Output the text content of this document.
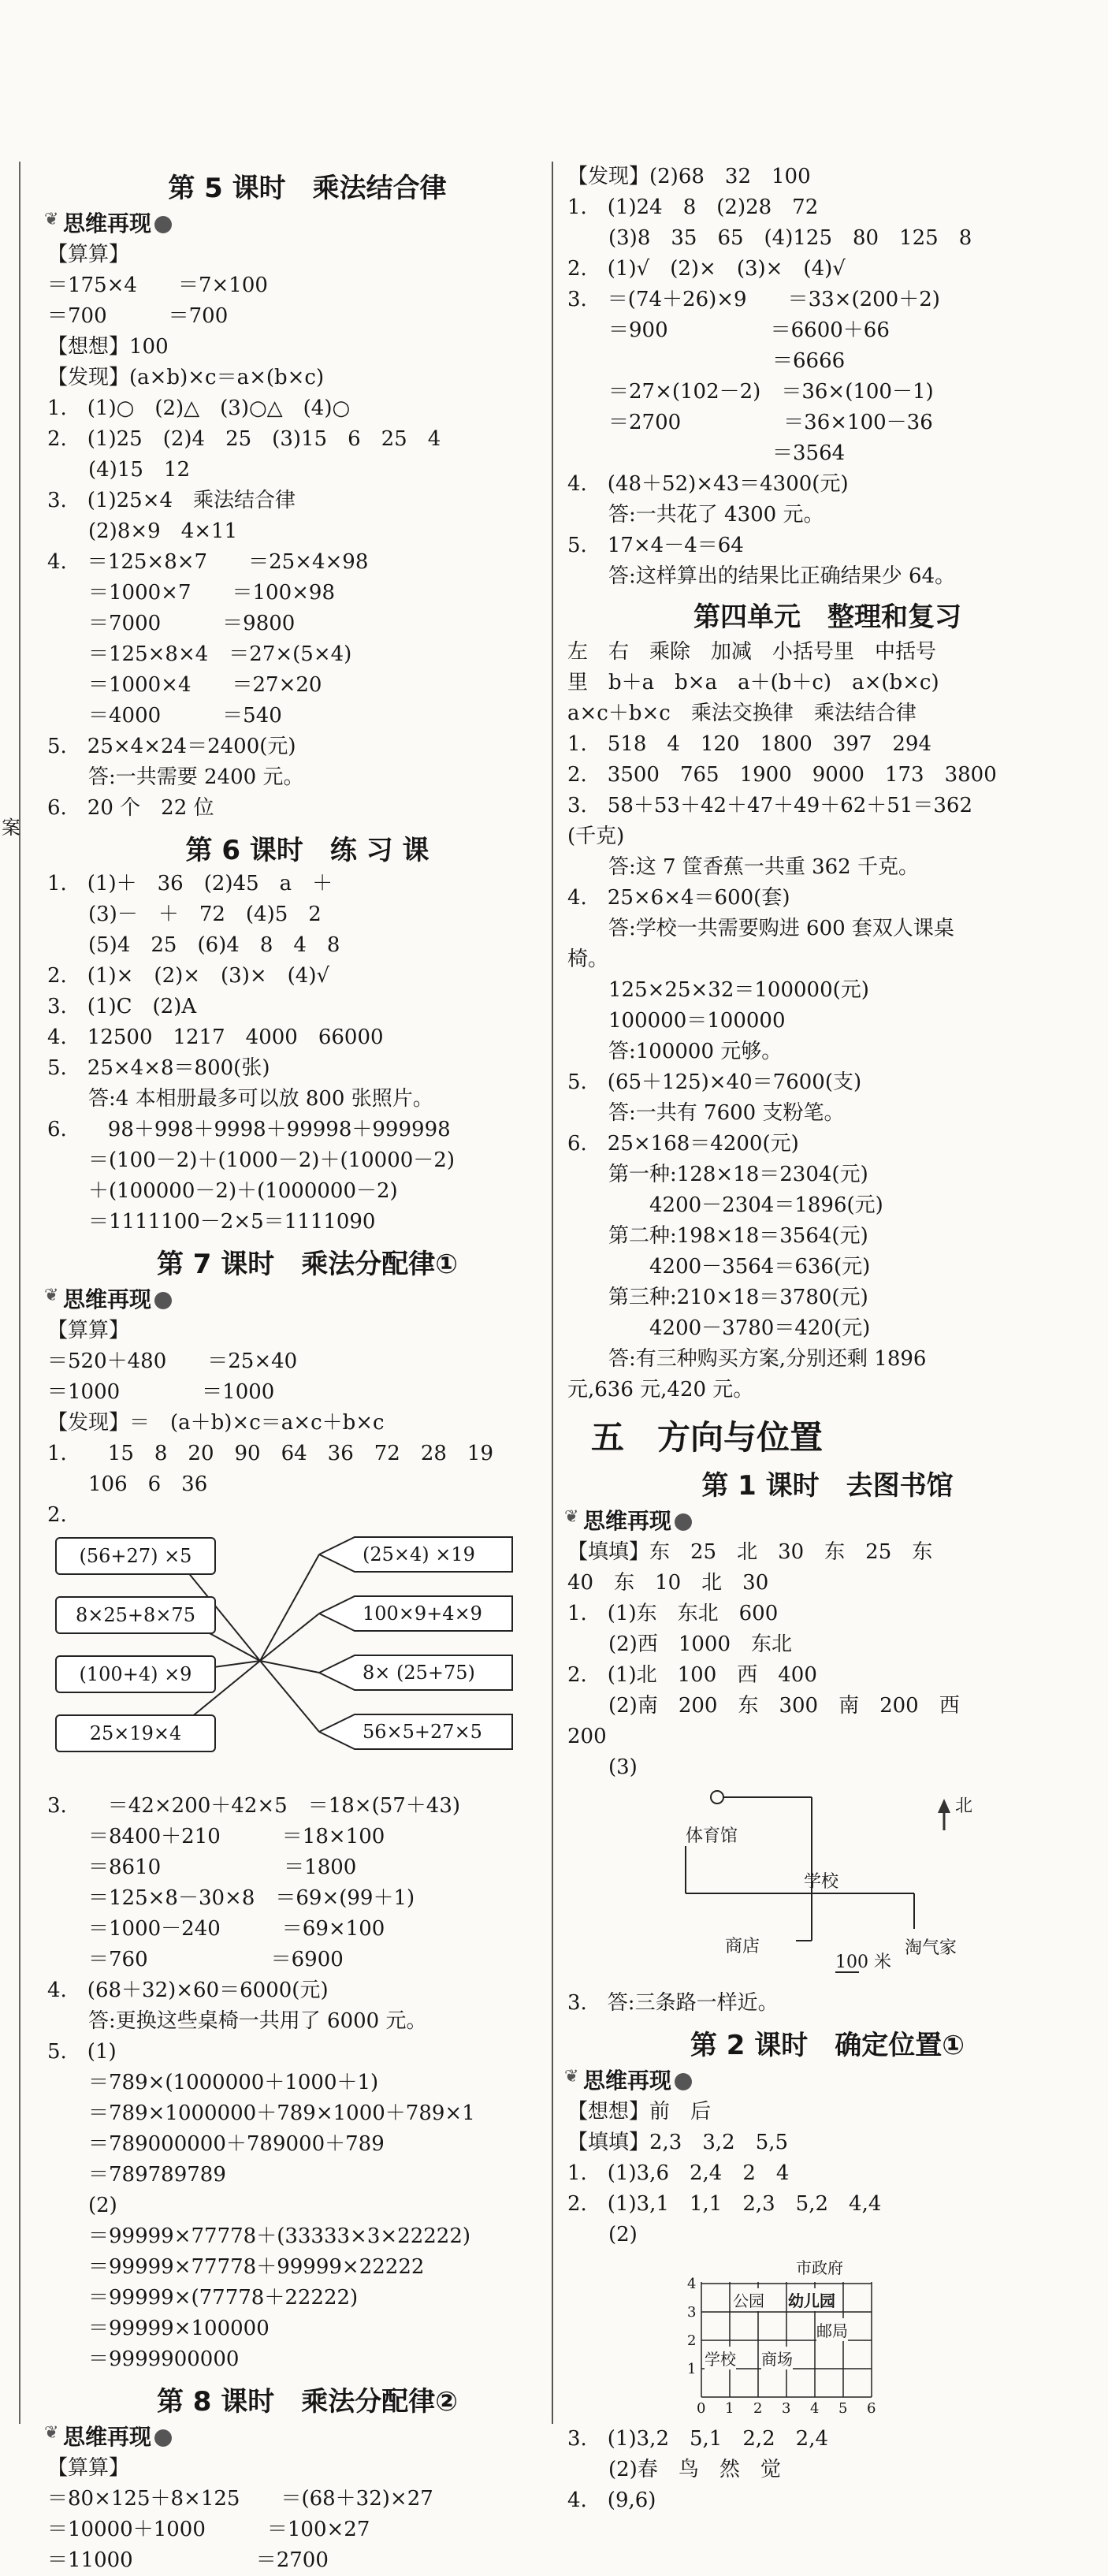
第 5 课时　乘法结合律
❦ 思维再现
【算算】
＝175×4　　＝7×100
＝700　　　＝700
【想想】100
【发现】(a×b)×c＝a×(b×c)
1.　(1)○　(2)△　(3)○△　(4)○
2.　(1)25　(2)4　25　(3)15　6　25　4
　　(4)15　12
3.　(1)25×4　乘法结合律
　　(2)8×9　4×11
4.　＝125×8×7　　＝25×4×98
　　＝1000×7　　＝100×98
　　＝7000　　　＝9800
　　＝125×8×4　＝27×(5×4)
　　＝1000×4　　＝27×20
　　＝4000　　　＝540
5.　25×4×24＝2400(元)
　　答:一共需要 2400 元。
6.　20 个　22 位
第 6 课时　练 习 课
1.　(1)＋　36　(2)45　a　＋
　　(3)－　＋　72　(4)5　2
　　(5)4　25　(6)4　8　4　8
2.　(1)×　(2)×　(3)×　(4)√
3.　(1)C　(2)A
4.　12500　1217　4000　66000
5.　25×4×8＝800(张)
　　答:4 本相册最多可以放 800 张照片。
6.　　98＋998＋9998＋99998＋999998
　　＝(100－2)＋(1000－2)＋(10000－2)
　　＋(100000－2)＋(1000000－2)
　　＝1111100－2×5＝1111090
第 7 课时　乘法分配律①
❦ 思维再现
【算算】
＝520＋480　　＝25×40
＝1000　　　　＝1000
【发现】＝　(a＋b)×c＝a×c＋b×c
1.　　15　8　20　90　64　36　72　28　19
　　106　6　36
2.
(56+27) ×5
8×25+8×75
(100+4) ×9
25×19×4
(25×4) ×19
100×9+4×9
8× (25+75)
56×5+27×5
3.　　＝42×200＋42×5　＝18×(57＋43)
　　＝8400＋210　　　＝18×100
　　＝8610　　　　　　＝1800
　　＝125×8－30×8　＝69×(99＋1)
　　＝1000－240　　　＝69×100
　　＝760　　　　　　＝6900
4.　(68＋32)×60＝6000(元)
　　答:更换这些桌椅一共用了 6000 元。
5.　(1)
　　＝789×(1000000＋1000＋1)
　　＝789×1000000＋789×1000＋789×1
　　＝789000000＋789000＋789
　　＝789789789
　　(2)
　　＝99999×77778＋(33333×3×22222)
　　＝99999×77778＋99999×22222
　　＝99999×(77778＋22222)
　　＝99999×100000
　　＝9999900000
第 8 课时　乘法分配律②
❦ 思维再现
【算算】
＝80×125＋8×125　　＝(68＋32)×27
＝10000＋1000　　　＝100×27
＝11000　　　　　　＝2700
【发现】(2)68　32　100
1.　(1)24　8　(2)28　72
　　(3)8　35　65　(4)125　80　125　8
2.　(1)√　(2)×　(3)×　(4)√
3.　＝(74＋26)×9　　＝33×(200＋2)
　　＝900　　　　　＝6600＋66
　　　　　　　　　　＝6666
　　＝27×(102－2)　＝36×(100－1)
　　＝2700　　　　　＝36×100－36
　　　　　　　　　　＝3564
4.　(48＋52)×43＝4300(元)
　　答:一共花了 4300 元。
5.　17×4－4＝64
　　答:这样算出的结果比正确结果少 64。
第四单元　整理和复习
左　右　乘除　加减　小括号里　中括号
里　b＋a　b×a　a＋(b＋c)　a×(b×c)
a×c＋b×c　乘法交换律　乘法结合律
1.　518　4　120　1800　397　294
2.　3500　765　1900　9000　173　3800
3.　58＋53＋42＋47＋49＋62＋51＝362
(千克)
　　答:这 7 筐香蕉一共重 362 千克。
4.　25×6×4＝600(套)
　　答:学校一共需要购进 600 套双人课桌
椅。
　　125×25×32＝100000(元)
　　100000＝100000
　　答:100000 元够。
5.　(65＋125)×40＝7600(支)
　　答:一共有 7600 支粉笔。
6.　25×168＝4200(元)
　　第一种:128×18＝2304(元)
　　　　4200－2304＝1896(元)
　　第二种:198×18＝3564(元)
　　　　4200－3564＝636(元)
　　第三种:210×18＝3780(元)
　　　　4200－3780＝420(元)
　　答:有三种购买方案,分别还剩 1896
元,636 元,420 元。
五　方向与位置
第 1 课时　去图书馆
❦ 思维再现
【填填】东　25　北　30　东　25　东
40　东　10　北　30
1.　(1)东　东北　600
　　(2)西　1000　东北
2.　(1)北　100　西　400
　　(2)南　200　东　300　南　200　西
200
　　(3)
北
体育馆
学校
商店	淘气家
100 米
3.　答:三条路一样近。
第 2 课时　确定位置①
❦ 思维再现
【想想】前　后
【填填】2,3　3,2　5,5
1.　(1)3,6　2,4　2　4
2.　(1)3,1　1,1　2,3　5,2　4,4
　　(2)
市政府
公园 幼儿园
邮局
学校 商场
0 1 2 3 4 5 6
1
2
3
4
3.　(1)3,2　5,1　2,2　2,4
　　(2)春　鸟　然　觉
4.　(9,6)
案
